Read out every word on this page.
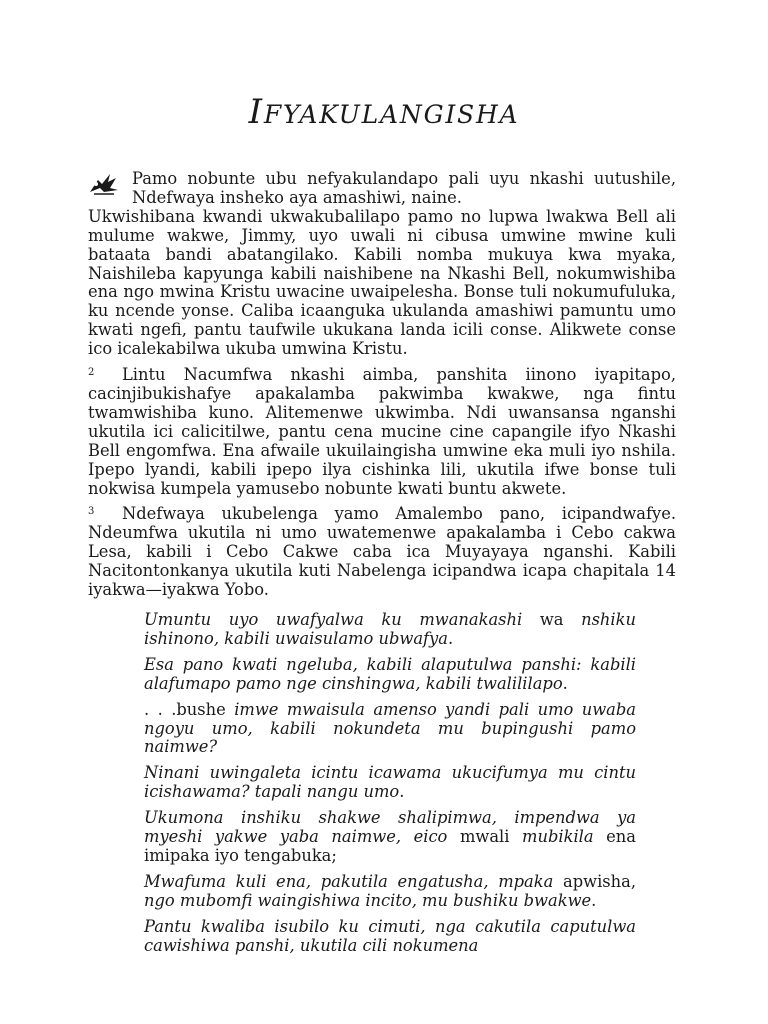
IFYAKULANGISHA
Pamo nobunte ubu nefyakulandapo pali uyu nkashi uutushile, Ndefwaya insheko aya amashiwi, naine.
Ukwishibana kwandi ukwakubalilapo pamo no lupwa lwakwa Bell ali mulume wakwe, Jimmy, uyo uwali ni cibusa umwine mwine kuli bataata bandi abatangilako. Kabili nomba mukuya kwa myaka, Naishileba kapyunga kabili naishibene na Nkashi Bell, nokumwishiba ena ngo mwina Kristu uwacine uwaipelesha. Bonse tuli nokumufuluka, ku ncende yonse. Caliba icaanguka ukulanda amashiwi pamuntu umo kwati ngefi, pantu taufwile ukukana landa icili conse. Alikwete conse ico icalekabilwa ukuba umwina Kristu.
2 Lintu Nacumfwa nkashi aimba, panshita iinono iyapitapo, cacinjibukishafye apakalamba pakwimba kwakwe, nga fintu twamwishiba kuno. Alitemenwe ukwimba. Ndi uwansansa nganshi ukutila ici calicitilwe, pantu cena mucine cine capangile ifyo Nkashi Bell engomfwa. Ena afwaile ukuilaingisha umwine eka muli iyo nshila. Ipepo lyandi, kabili ipepo ilya cishinka lili, ukutila ifwe bonse tuli nokwisa kumpela yamusebo nobunte kwati buntu akwete.
3 Ndefwaya ukubelenga yamo Amalembo pano, icipandwafye. Ndeumfwa ukutila ni umo uwatemenwe apakalamba i Cebo cakwa Lesa, kabili i Cebo Cakwe caba ica Muyayaya nganshi. Kabili Nacitontonkanya ukutila kuti Nabelenga icipandwa icapa chapitala 14 iyakwa—iyakwa Yobo.
Umuntu uyo uwafyalwa ku mwanakashi wa nshiku ishinono, kabili uwaisulamo ubwafya.
Esa pano kwati ngeluba, kabili alaputulwa panshi: kabili alafumapo pamo nge cinshingwa, kabili twalililapo.
. . .bushe imwe mwaisula amenso yandi pali umo uwaba ngoyu umo, kabili nokundeta mu bupingushi pamo naimwe?
Ninani uwingaleta icintu icawama ukucifumya mu cintu icishawama? tapali nangu umo.
Ukumona inshiku shakwe shalipimwa, impendwa ya myeshi yakwe yaba naimwe, eico mwali mubikila ena imipaka iyo tengabuka;
Mwafuma kuli ena, pakutila engatusha, mpaka apwisha, ngo mubomfi waingishiwa incito, mu bushiku bwakwe.
Pantu kwaliba isubilo ku cimuti, nga cakutila caputulwa cawishiwa panshi, ukutila cili nokumena
